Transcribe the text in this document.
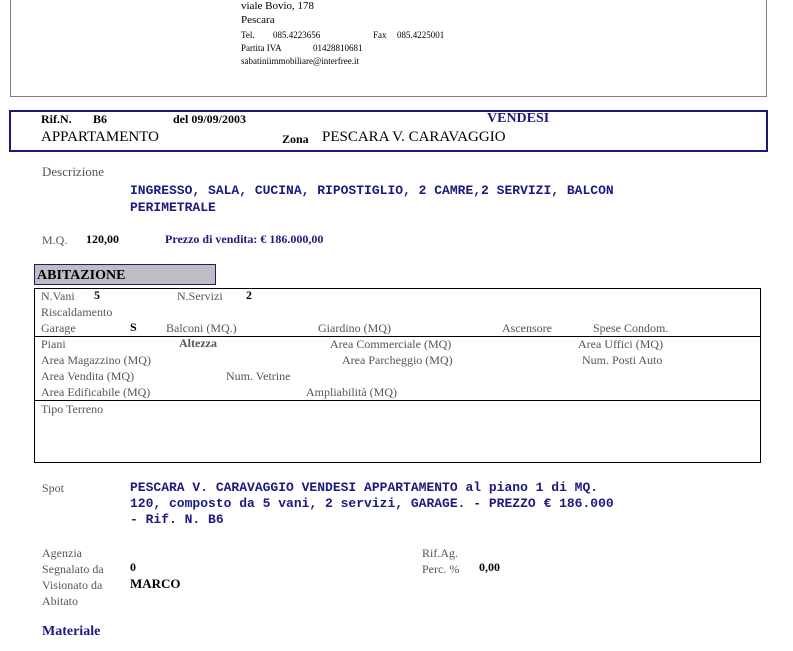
viale Bovio, 178
Pescara
Tel. 085.4223656	Fax 085.4225001
Partita IVA	01428810681
sabatiniimmobiliare@interfree.it
Rif.N. B6	del 09/09/2003	VENDESI
APPARTAMENTO	Zona PESCARA V. CARAVAGGIO
Descrizione
INGRESSO, SALA, CUCINA, RIPOSTIGLIO, 2 CAMRE,2 SERVIZI, BALCON
PERIMETRALE
M.Q. 120,00	Prezzo di vendita: € 186.000,00
ABITAZIONE
N.Vani 5	N.Servizi 2
Riscaldamento
Garage	S Balconi (MQ.)	Giardino (MQ)	Ascensore	Spese Condom.
Piani	Altezza	Area Commerciale (MQ)	Area Uffici (MQ)
Area Magazzino (MQ)	Area Parcheggio (MQ)	Num. Posti Auto
Area Vendita (MQ)	Num. Vetrine
Area Edificabile (MQ)	Ampliabilità (MQ)
Tipo Terreno
Spot	PESCARA V. CARAVAGGIO VENDESI APPARTAMENTO al piano 1 di MQ.
120, composto da 5 vani, 2 servizi, GARAGE. - PREZZO € 186.000
- Rif. N. B6
Agenzia
Segnalato da 0
Visionato da MARCO
Abitato
Rif.Ag.
Perc. % 0,00
Materiale
